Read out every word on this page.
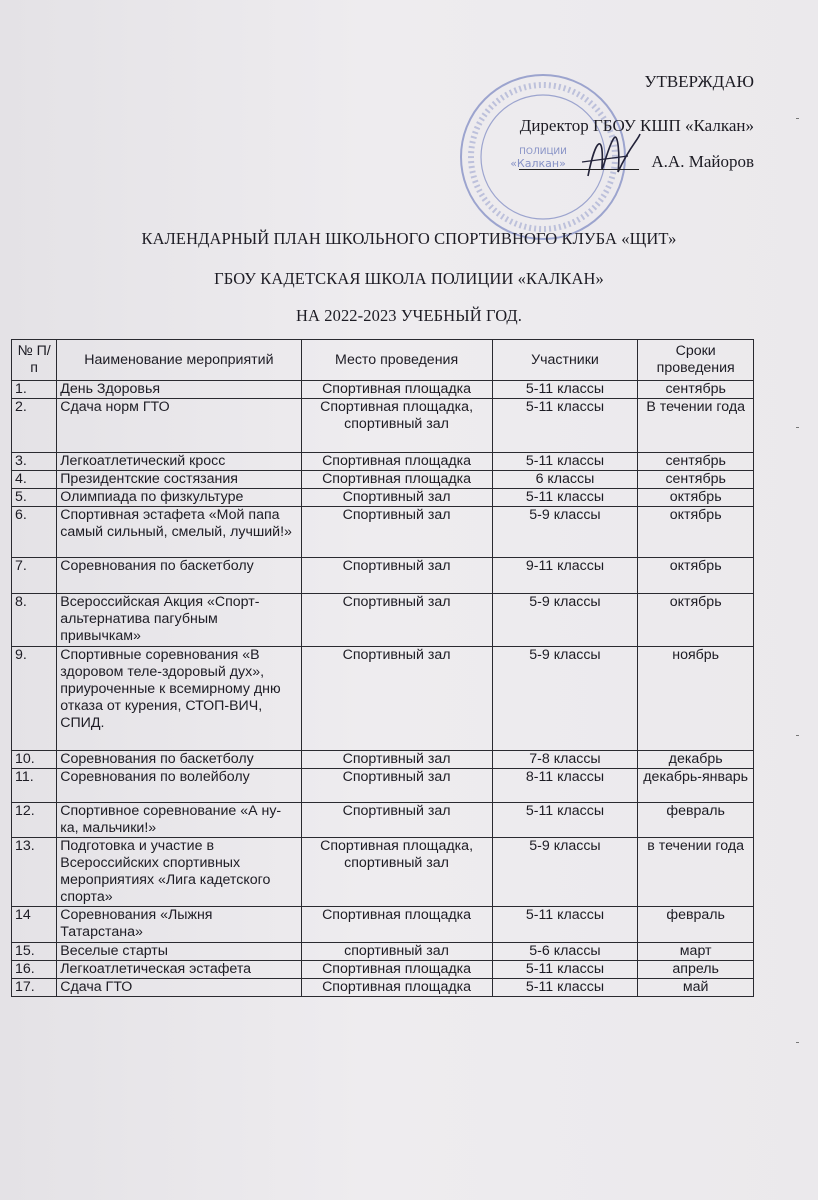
ПОЛИЦИИ
«Калкан»
УТВЕРЖДАЮ
Директор ГБОУ КШП «Калкан»
А.А. Майоров
КАЛЕНДАРНЫЙ ПЛАН ШКОЛЬНОГО СПОРТИВНОГО КЛУБА «ЩИТ»
ГБОУ КАДЕТСКАЯ ШКОЛА ПОЛИЦИИ «КАЛКАН»
НА 2022-2023 УЧЕБНЫЙ ГОД.
№ П/п	Наименование мероприятий	Место проведения	Участники	Сроки проведения
1.	День Здоровья	Спортивная площадка	5-11 классы	сентябрь
2.	Сдача норм ГТО	Спортивная площадка, спортивный зал	5-11 классы	В течении года
3.	Легкоатлетический кросс	Спортивная площадка	5-11 классы	сентябрь
4.	Президентские состязания	Спортивная площадка	6 классы	сентябрь
5.	Олимпиада по физкультуре	Спортивный зал	5-11 классы	октябрь
6.	Спортивная эстафета «Мой папа самый сильный, смелый, лучший!»	Спортивный зал	5-9 классы	октябрь
7.	Соревнования по баскетболу	Спортивный зал	9-11 классы	октябрь
8.	Всероссийская Акция «Спорт-альтернатива пагубным привычкам»	Спортивный зал	5-9 классы	октябрь
9.	Спортивные соревнования «В здоровом теле-здоровый дух», приуроченные к всемирному дню отказа от курения, СТОП-ВИЧ, СПИД.	Спортивный зал	5-9 классы	ноябрь
10.	Соревнования по баскетболу	Спортивный зал	7-8 классы	декабрь
11.	Соревнования по волейболу	Спортивный зал	8-11 классы	декабрь-январь
12.	Спортивное соревнование «А ну-ка, мальчики!»	Спортивный зал	5-11 классы	февраль
13.	Подготовка и участие в Всероссийских спортивных мероприятиях «Лига кадетского спорта»	Спортивная площадка, спортивный зал	5-9 классы	в течении года
14	Соревнования «Лыжня Татарстана»	Спортивная площадка	5-11 классы	февраль
15.	Веселые старты	спортивный зал	5-6 классы	март
16.	Легкоатлетическая эстафета	Спортивная площадка	5-11 классы	апрель
17.	Сдача ГТО	Спортивная площадка	5-11 классы	май
